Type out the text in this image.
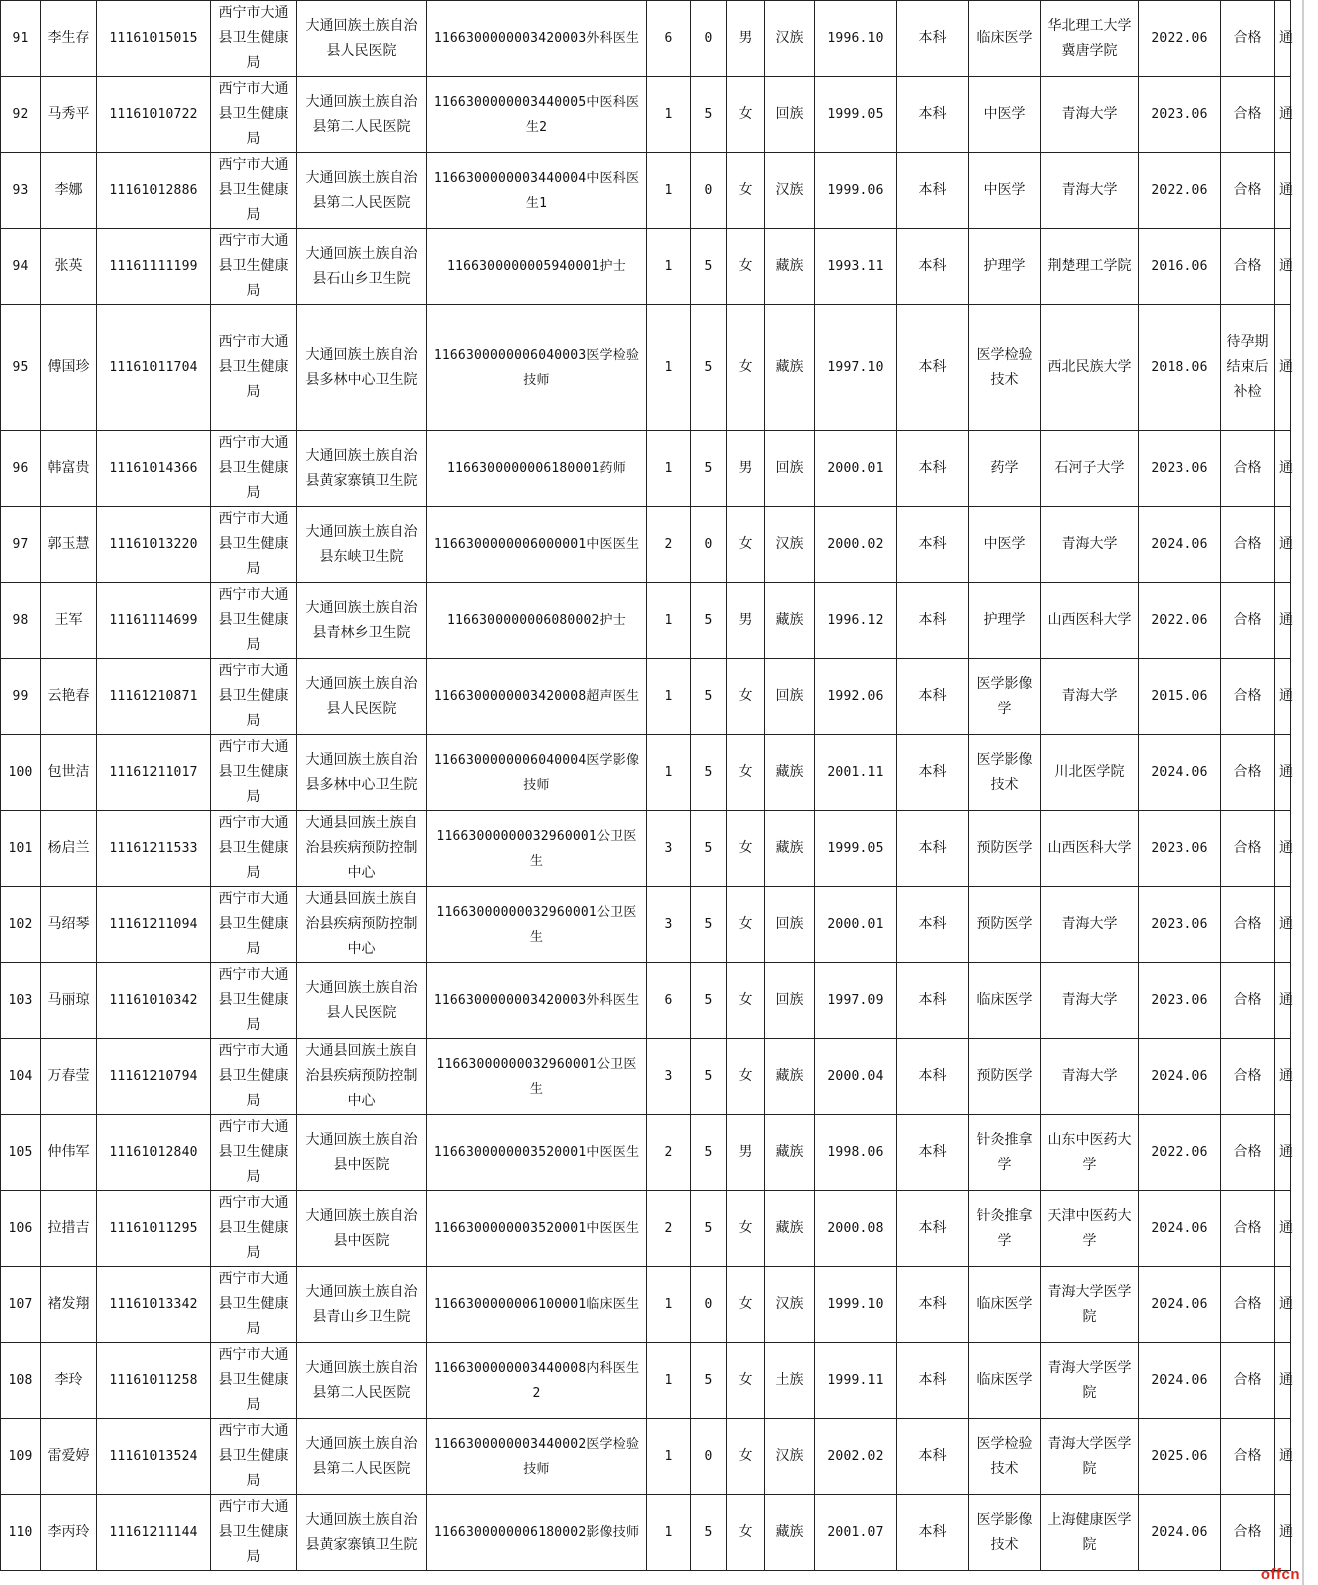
91	李生存	11161015015	西宁市大通县卫生健康局	大通回族土族自治县人民医院	1166300000003420003外科医生	6	0	男	汉族	1996.10	本科	临床医学	华北理工大学冀唐学院	2022.06	合格	通
92	马秀平	11161010722	西宁市大通县卫生健康局	大通回族土族自治县第二人民医院	1166300000003440005中医科医生2	1	5	女	回族	1999.05	本科	中医学	青海大学	2023.06	合格	通
93	李娜	11161012886	西宁市大通县卫生健康局	大通回族土族自治县第二人民医院	1166300000003440004中医科医生1	1	0	女	汉族	1999.06	本科	中医学	青海大学	2022.06	合格	通
94	张英	11161111199	西宁市大通县卫生健康局	大通回族土族自治县石山乡卫生院	1166300000005940001护士	1	5	女	藏族	1993.11	本科	护理学	荆楚理工学院	2016.06	合格	通
95	傅国珍	11161011704	西宁市大通县卫生健康局	大通回族土族自治县多林中心卫生院	1166300000006040003医学检验技师	1	5	女	藏族	1997.10	本科	医学检验技术	西北民族大学	2018.06	待孕期结束后补检	通
96	韩富贵	11161014366	西宁市大通县卫生健康局	大通回族土族自治县黄家寨镇卫生院	1166300000006180001药师	1	5	男	回族	2000.01	本科	药学	石河子大学	2023.06	合格	通
97	郭玉慧	11161013220	西宁市大通县卫生健康局	大通回族土族自治县东峡卫生院	1166300000006000001中医医生	2	0	女	汉族	2000.02	本科	中医学	青海大学	2024.06	合格	通
98	王军	11161114699	西宁市大通县卫生健康局	大通回族土族自治县青林乡卫生院	1166300000006080002护士	1	5	男	藏族	1996.12	本科	护理学	山西医科大学	2022.06	合格	通
99	云艳春	11161210871	西宁市大通县卫生健康局	大通回族土族自治县人民医院	1166300000003420008超声医生	1	5	女	回族	1992.06	本科	医学影像学	青海大学	2015.06	合格	通
100	包世洁	11161211017	西宁市大通县卫生健康局	大通回族土族自治县多林中心卫生院	1166300000006040004医学影像技师	1	5	女	藏族	2001.11	本科	医学影像技术	川北医学院	2024.06	合格	通
101	杨启兰	11161211533	西宁市大通县卫生健康局	大通县回族土族自治县疾病预防控制中心	1166300000003296000​1公卫医生	3	5	女	藏族	1999.05	本科	预防医学	山西医科大学	2023.06	合格	通
102	马绍琴	11161211094	西宁市大通县卫生健康局	大通县回族土族自治县疾病预防控制中心	1166300000003296000​1公卫医生	3	5	女	回族	2000.01	本科	预防医学	青海大学	2023.06	合格	通
103	马丽琼	11161010342	西宁市大通县卫生健康局	大通回族土族自治县人民医院	1166300000003420003外科医生	6	5	女	回族	1997.09	本科	临床医学	青海大学	2023.06	合格	通
104	万春莹	11161210794	西宁市大通县卫生健康局	大通县回族土族自治县疾病预防控制中心	1166300000003296000​1公卫医生	3	5	女	藏族	2000.04	本科	预防医学	青海大学	2024.06	合格	通
105	仲伟军	11161012840	西宁市大通县卫生健康局	大通回族土族自治县中医院	1166300000003520001中医医生	2	5	男	藏族	1998.06	本科	针灸推拿学	山东中医药大学	2022.06	合格	通
106	拉措吉	11161011295	西宁市大通县卫生健康局	大通回族土族自治县中医院	1166300000003520001中医医生	2	5	女	藏族	2000.08	本科	针灸推拿学	天津中医药大学	2024.06	合格	通
107	褚发翔	11161013342	西宁市大通县卫生健康局	大通回族土族自治县青山乡卫生院	1166300000006100001临床医生	1	0	女	汉族	1999.10	本科	临床医学	青海大学医学院	2024.06	合格	通
108	李玲	11161011258	西宁市大通县卫生健康局	大通回族土族自治县第二人民医院	1166300000003440008内科医生2	1	5	女	土族	1999.11	本科	临床医学	青海大学医学院	2024.06	合格	通
109	雷爱婷	11161013524	西宁市大通县卫生健康局	大通回族土族自治县第二人民医院	1166300000003440002医学检验技师	1	0	女	汉族	2002.02	本科	医学检验技术	青海大学医学院	2025.06	合格	通
110	李丙玲	11161211144	西宁市大通县卫生健康局	大通回族土族自治县黄家寨镇卫生院	1166300000006180002影像技师	1	5	女	藏族	2001.07	本科	医学影像技术	上海健康医学院	2024.06	合格	通
offcn
